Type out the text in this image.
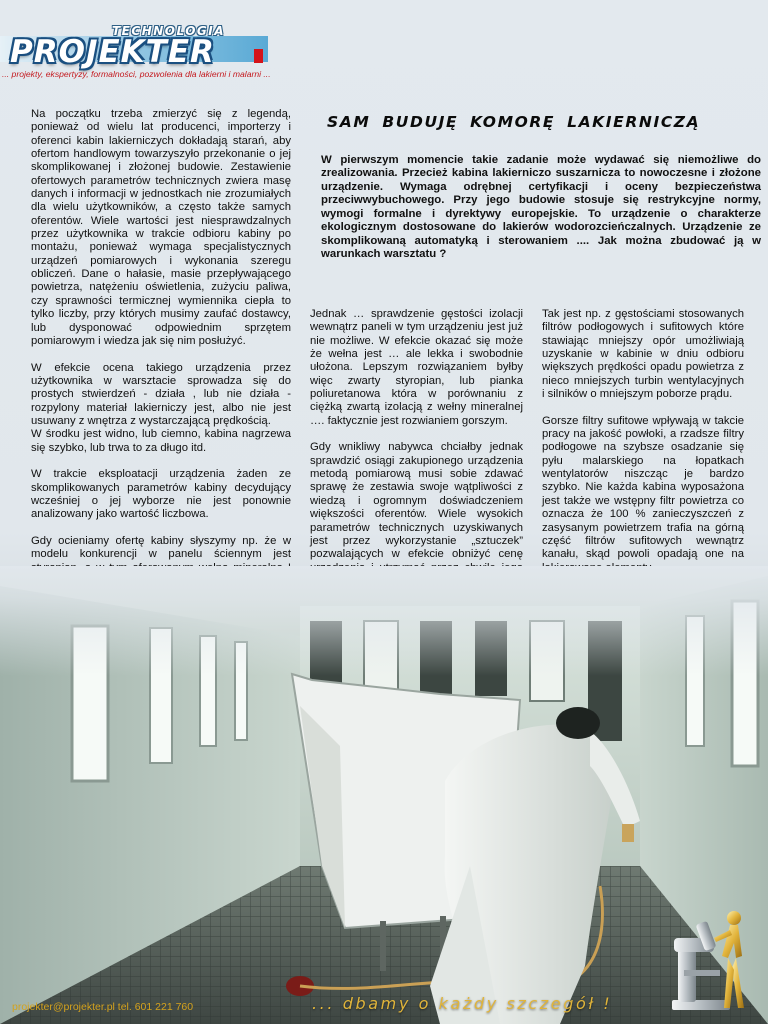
TECHNOLOGIA
PROJEKTER
... projekty, ekspertyzy, formalności, pozwolenia dla lakierni i malarni ...

Na początku trzeba zmierzyć się z legendą, ponieważ od wielu lat producenci, importerzy i oferenci kabin lakierniczych dokładają starań, aby ofertom handlowym towarzyszyło przekonanie o jej skomplikowanej i złożonej budowie. Zestawienie ofertowych parametrów technicznych zwiera masę danych i informacji w jednostkach nie zrozumiałych dla wielu użytkowników, a często także samych oferentów. Wiele wartości jest niesprawdzalnych przez użytkownika w trakcie odbioru kabiny po montażu, ponieważ wymaga specjalistycznych urządzeń pomiarowych i wykonania szeregu obliczeń. Dane o hałasie, masie przepływającego powietrza, natężeniu oświetlenia, zużyciu paliwa, czy sprawności termicznej wymiennika ciepła to tylko liczby, przy których musimy zaufać dostawcy, lub dysponować odpowiednim sprzętem pomiarowym i wiedza jak się nim posłużyć.

W efekcie ocena takiego urządzenia przez użytkownika w warsztacie sprowadza się do prostych stwierdzeń - działa , lub nie działa - rozpylony materiał lakierniczy jest, albo nie jest usuwany z wnętrza z wystarczającą prędkością.

W środku jest widno, lub ciemno, kabina nagrzewa się szybko, lub trwa to za długo itd.

W trakcie eksploatacji urządzenia żaden ze skomplikowanych parametrów kabiny decydujący wcześniej o jej wyborze nie jest ponownie analizowany jako wartość liczbowa.

Gdy ocieniamy ofertę kabiny słyszymy np. że w modelu konkurencji w panelu ściennym jest

SAM BUDUJĘ KOMORĘ LAKIERNICZĄ
W pierwszym momencie takie zadanie może wydawać się niemożliwe do zrealizowania. Przecież kabina lakierniczo suszarnicza to nowoczesne i złożone urządzenie. Wymaga odrębnej certyfikacji i oceny bezpieczeństwa przeciwwybuchowego. Przy jego budowie stosuje się restrykcyjne normy, wymogi formalne i dyrektywy europejskie. To urządzenie o charakterze ekologicznym dostosowane do lakierów wodorozcieńczalnych. Urządzenie ze skomplikowaną automatyką i sterowaniem .... Jak można zbudować ją w warunkach warsztatu ?

Jednak … sprawdzenie gęstości izolacji wewnątrz paneli w tym urządzeniu jest już nie możliwe. W efekcie okazać się może że wełna jest … ale lekka i swobodnie ułożona. Lepszym rozwiązaniem byłby więc zwarty styropian, lub pianka poliuretanowa która w porównaniu z ciężką zwartą izolacją z wełny mineralnej …. faktycznie jest rozwianiem gorszym.

Gdy wnikliwy nabywca chciałby jednak sprawdzić osiągi zakupionego urządzenia metodą pomiarową musi sobie zdawać sprawę że zestawia swoje wątpliwości z wiedzą i ogromnym doświadczeniem większości oferentów. Wiele wysokich parametrów technicznych uzyskiwanych jest przez wykorzystanie „sztuczek” pozwalających w efekcie obniżyć cenę

Tak jest np. z gęstościami stosowanych filtrów podłogowych i sufitowych które stawiając mniejszy opór umożliwiają uzyskanie w kabinie w dniu odbioru większych prędkości opadu powietrza z nieco mniejszych turbin wentylacyjnych i silników o mniejszym poborze prądu.

Gorsze filtry sufitowe wpływają w takcie pracy na jakość powłoki, a rzadsze filtry podłogowe na szybsze osadzanie się pyłu malarskiego na łopatkach wentylatorów niszcząc je bardzo szybko. Nie każda kabina wyposażona jest także we wstępny filtr powietrza co oznacza że 100 % zanieczyszczeń z zasysanym powietrzem trafia na górną część filtrów sufitowych wewnątrz kanału, skąd powoli opadają one na

projekter@projekter.pl tel. 601 221 760	... dbamy o każdy szczegół !
